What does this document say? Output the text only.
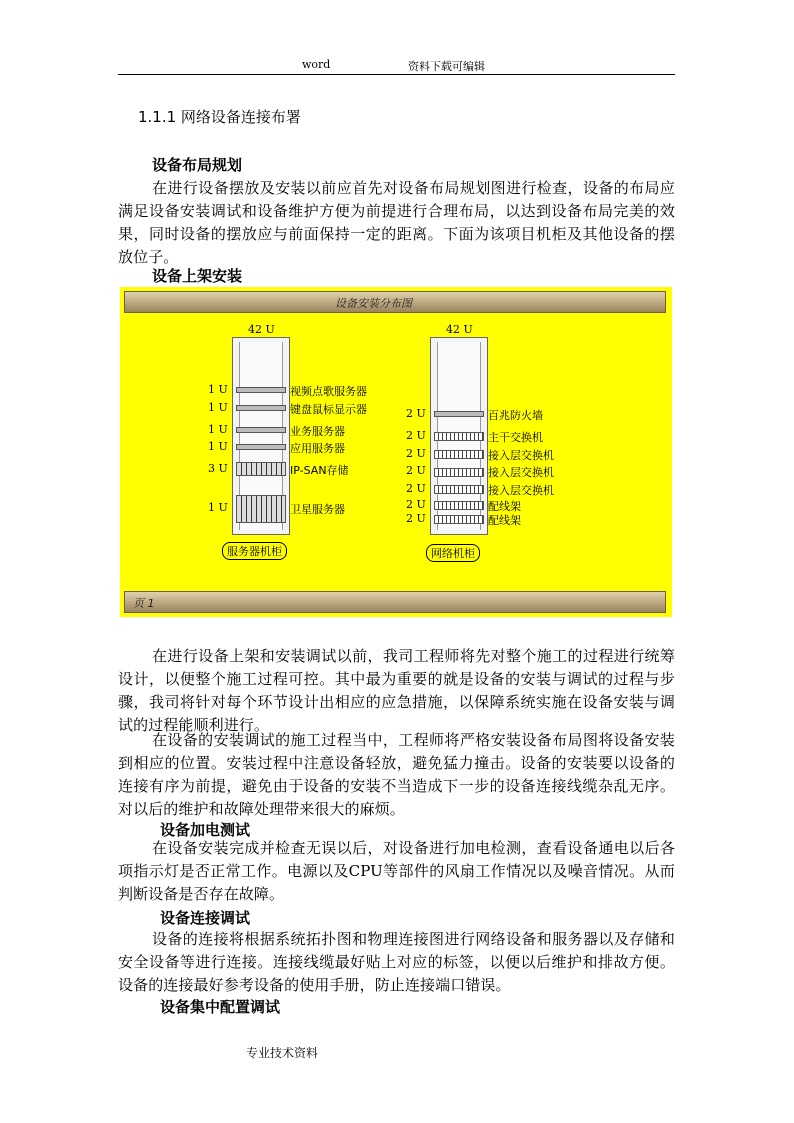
word	资料下载可编辑
1.1.1 网络设备连接布署
设备布局规划

在进行设备摆放及安装以前应首先对设备布局规划图进行检查，设备的布局应满足设备安装调试和设备维护方便为前提进行合理布局，以达到设备布局完美的效果，同时设备的摆放应与前面保持一定的距离。下面为该项目机柜及其他设备的摆放位子。

设备上架安装
设备安装分布图
42 U
1 U	视频点歌服务器
1 U	键盘鼠标显示器
1 U	业务服务器
1 U	应用服务器
3 U	IP-SAN存储
1 U	卫星服务器
服务器机柜
42 U
2 U	百兆防火墙
2 U	主干交换机
2 U	接入层交换机
2 U	接入层交换机
2 U	接入层交换机
2 U	配线架
2 U	配线架
网络机柜
页 1

在进行设备上架和安装调试以前，我司工程师将先对整个施工的过程进行统筹设计，以便整个施工过程可控。其中最为重要的就是设备的安装与调试的过程与步骤，我司将针对每个环节设计出相应的应急措施，以保障系统实施在设备安装与调试的过程能顺利进行。

在设备的安装调试的施工过程当中，工程师将严格安装设备布局图将设备安装到相应的位置。安装过程中注意设备轻放，避免猛力撞击。设备的安装要以设备的连接有序为前提，避免由于设备的安装不当造成下一步的设备连接线缆杂乱无序。对以后的维护和故障处理带来很大的麻烦。

设备加电测试

在设备安装完成并检查无误以后，对设备进行加电检测，查看设备通电以后各项指示灯是否正常工作。电源以及CPU等部件的风扇工作情况以及噪音情况。从而判断设备是否存在故障。

设备连接调试

设备的连接将根据系统拓扑图和物理连接图进行网络设备和服务器以及存储和安全设备等进行连接。连接线缆最好贴上对应的标签，以便以后维护和排故方便。设备的连接最好参考设备的使用手册，防止连接端口错误。

设备集中配置调试
专业技术资料
